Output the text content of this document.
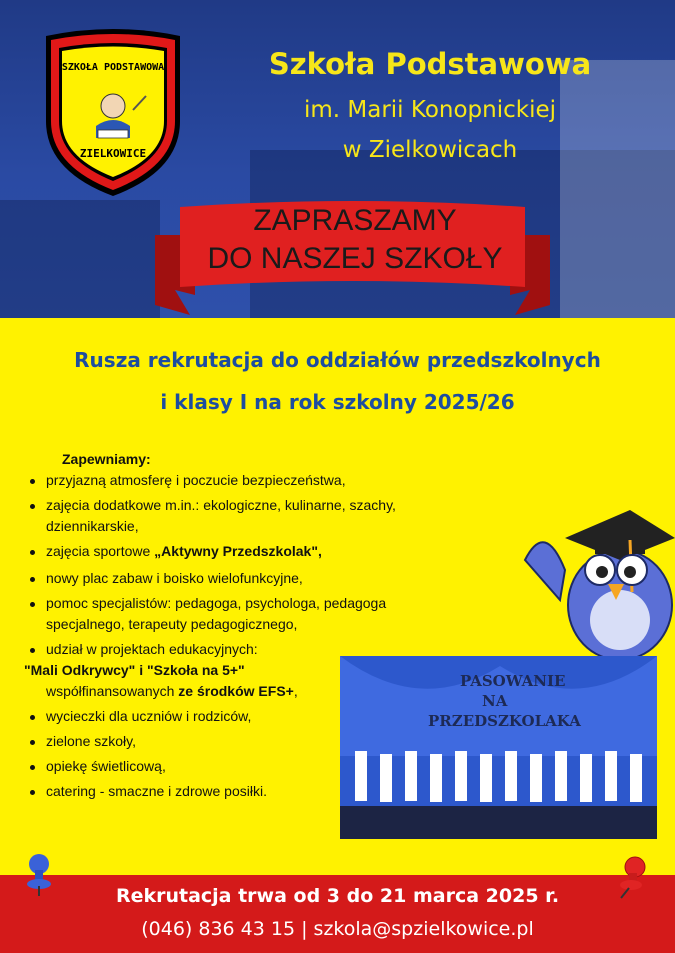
SZKOŁA PODSTAWOWA
ZIELKOWICE
Szkoła Podstawowa
im. Marii Konopnickiej
w Zielkowicach
ZAPRASZAMY
DO NASZEJ SZKOŁY
Rusza rekrutacja do oddziałów przedszkolnych
i klasy I na rok szkolny 2025/26
Zapewniamy:
przyjazną atmosferę i poczucie bezpieczeństwa,
zajęcia dodatkowe m.in.: ekologiczne, kulinarne, szachy, dziennikarskie,
zajęcia sportowe „Aktywny Przedszkolak",
nowy plac zabaw i boisko wielofunkcyjne,
pomoc specjalistów: pedagoga, psychologa, pedagoga specjalnego, terapeuty pedagogicznego,
udział w projektach edukacyjnych:
"Mali Odkrywcy" i "Szkoła na 5+"
współfinansowanych ze środków EFS+,
wycieczki dla uczniów i rodziców,
zielone szkoły,
opiekę świetlicową,
catering - smaczne i zdrowe posiłki.
PASOWANIE
NA
PRZEDSZKOLAKA
Rekrutacja trwa od 3 do 21 marca 2025 r.
(046) 836 43 15 | szkola@spzielkowice.pl
